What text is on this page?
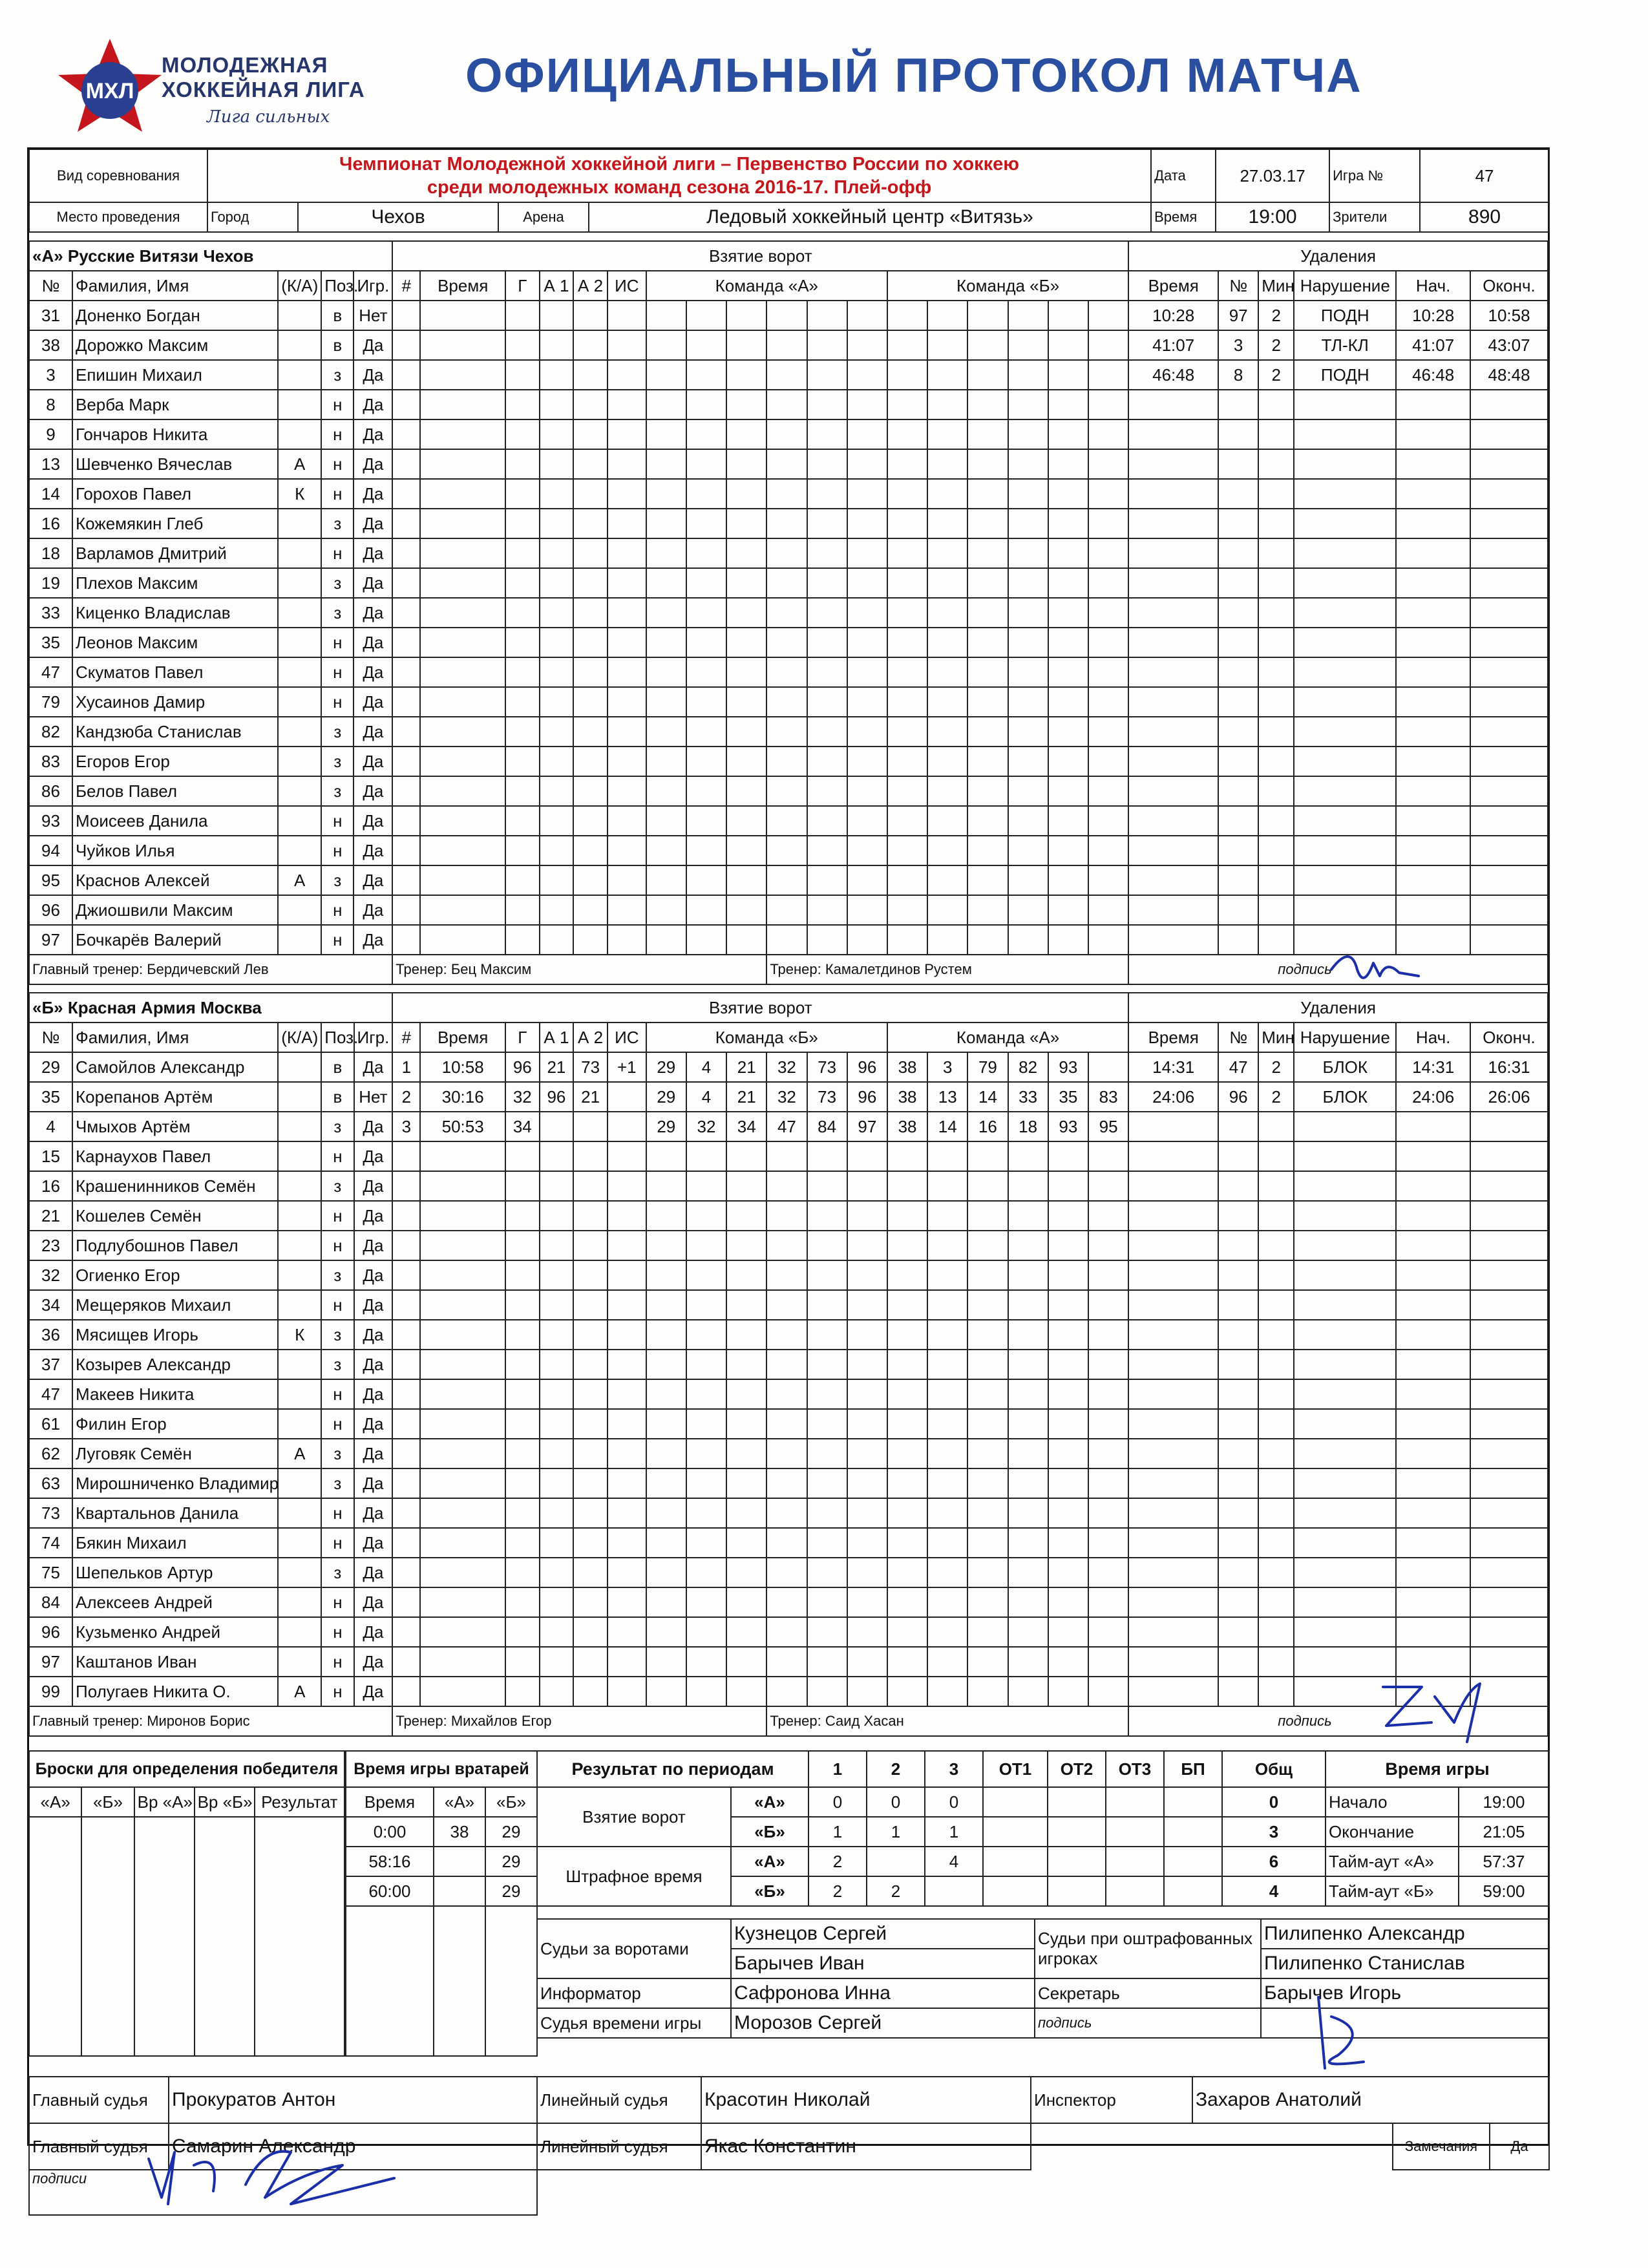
МХЛ
МОЛОДЕЖНАЯ
ХОККЕЙНАЯ ЛИГА
Лига сильных
ОФИЦИАЛЬНЫЙ ПРОТОКОЛ МАТЧА
Вид соревнования	Чемпионат Молодежной хоккейной лиги – Первенство России по хоккею
среди молодежных команд сезона 2016-17. Плей-офф				Дата	27.03.17	Игра №	47
Место проведения	Город	Чехов	Арена	Ледовый хоккейный центр «Витязь»	Время	19:00	Зрители	890
«А» Русские Витязи Чехов					Взятие ворот																		Удаления					
№	Фамилия, Имя	(К/А)	Поз.	Игр.	#	Время	Г	А 1	А 2	ИС	Команда «А»						Команда «Б»						Время	№	Мин	Нарушение	Нач.	Оконч.
31	Доненко Богдан		в	Нет																			10:28	97	2	ПОДН	10:28	10:58
38	Дорожко Максим		в	Да																			41:07	3	2	ТЛ-КЛ	41:07	43:07
3	Епишин Михаил		з	Да																			46:48	8	2	ПОДН	46:48	48:48
8	Верба Марк		н	Да																								
9	Гончаров Никита		н	Да																								
13	Шевченко Вячеслав	А	н	Да																								
14	Горохов Павел	К	н	Да																								
16	Кожемякин Глеб		з	Да																								
18	Варламов Дмитрий		н	Да																								
19	Плехов Максим		з	Да																								
33	Киценко Владислав		з	Да																								
35	Леонов Максим		н	Да																								
47	Скуматов Павел		н	Да																								
79	Хусаинов Дамир		н	Да																								
82	Кандзюба Станислав		з	Да																								
83	Егоров Егор		з	Да																								
86	Белов Павел		з	Да																								
93	Моисеев Данила		н	Да																								
94	Чуйков Илья		н	Да																								
95	Краснов Алексей	А	з	Да																								
96	Джиошвили Максим		н	Да																								
97	Бочкарёв Валерий		н	Да																								
Главный тренер: Бердичевский Лев					Тренер: Бец Максим									Тренер: Камалетдинов Рустем									подпись					
«Б» Красная Армия Москва					Взятие ворот																		Удаления					
№	Фамилия, Имя	(К/А)	Поз.	Игр.	#	Время	Г	А 1	А 2	ИС	Команда «Б»						Команда «А»						Время	№	Мин	Нарушение	Нач.	Оконч.
29	Самойлов Александр		в	Да	1	10:58	96	21	73	+1	29	4	21	32	73	96	38	3	79	82	93		14:31	47	2	БЛОК	14:31	16:31
35	Корепанов Артём		в	Нет	2	30:16	32	96	21		29	4	21	32	73	96	38	13	14	33	35	83	24:06	96	2	БЛОК	24:06	26:06
4	Чмыхов Артём		з	Да	3	50:53	34				29	32	34	47	84	97	38	14	16	18	93	95						
15	Карнаухов Павел		н	Да																								
16	Крашенинников Семён		з	Да																								
21	Кошелев Семён		н	Да																								
23	Подлубошнов Павел		н	Да																								
32	Огиенко Егор		з	Да																								
34	Мещеряков Михаил		н	Да																								
36	Мясищев Игорь	К	з	Да																								
37	Козырев Александр		з	Да																								
47	Макеев Никита		н	Да																								
61	Филин Егор		н	Да																								
62	Луговяк Семён	А	з	Да																								
63	Мирошниченко Владимир		з	Да																								
73	Квартальнов Данила		н	Да																								
74	Бякин Михаил		н	Да																								
75	Шепельков Артур		з	Да																								
84	Алексеев Андрей		н	Да																								
96	Кузьменко Андрей		н	Да																								
97	Каштанов Иван		н	Да																								
99	Полугаев Никита О.	А	н	Да																								
Главный тренер: Миронов Борис					Тренер: Михайлов Егор									Тренер: Саид Хасан									подпись					
Броски для определения победителя				
«А»	«Б»	Вр «А»	Вр «Б»	Результат

Время игры вратарей		
Время	«А»	«Б»
0:00	38	29
58:16		29
60:00		29

Результат по периодам		1	2	3	ОТ1	ОТ2	ОТ3	БП	Общ
Взятие ворот	«А»	0	0	0					0
	«Б»	1	1	1					3
Штрафное время	«А»	2		4					6
	«Б»	2	2						4
Время игры	
Начало	19:00
Окончание	21:05
Тайм-аут «А»	57:37
Тайм-аут «Б»	59:00
Судьи за воротами	Кузнецов Сергей	Судьи при оштрафованных игроках	Пилипенко Александр
	Барычев Иван		Пилипенко Станислав
Информатор	Сафронова Инна	Секретарь	Барычев Игорь
Судья времени игры	Морозов Сергей	подпись	
Главный судья	Прокуратов Антон	Линейный судья	Красотин Николай	Инспектор	Захаров Анатолий		
Главный судья	Самарин Александр	Линейный судья	Якас Константин			Замечания	Да
подписи							
